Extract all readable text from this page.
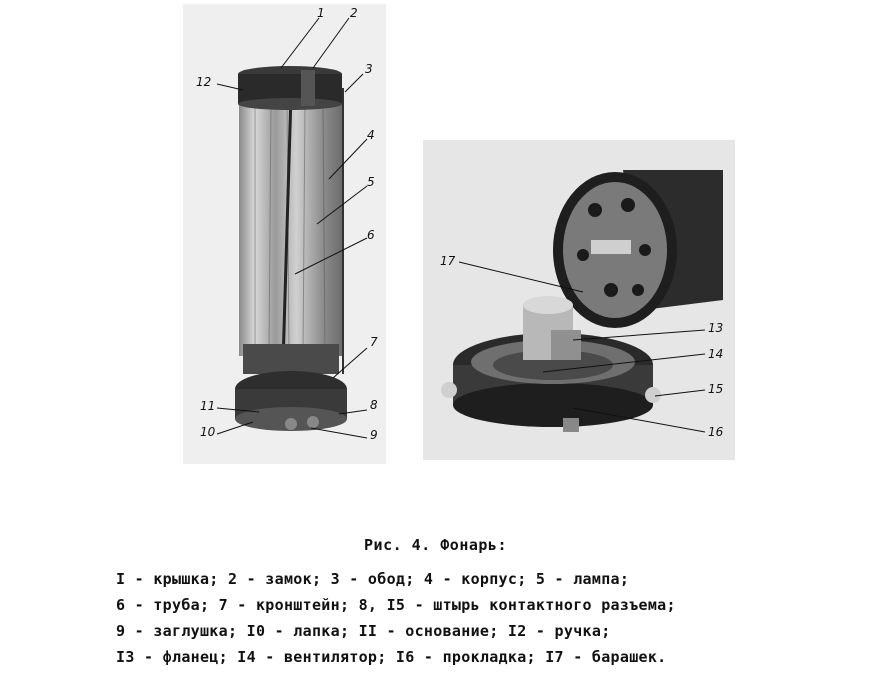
1 2
3
12
4
5
6
7
11	8
10	9
17
13
14
15
16
Рис. 4. Фонарь:
I - крышка; 2 - замок; 3 - обод; 4 - корпус; 5 - лампа;
6 - труба; 7 - кронштейн; 8, I5 - штырь контактного разъема;
9 - заглушка; I0 - лапка; II - основание; I2 - ручка;
I3 - фланец; I4 - вентилятор; I6 - прокладка; I7 - барашек.
